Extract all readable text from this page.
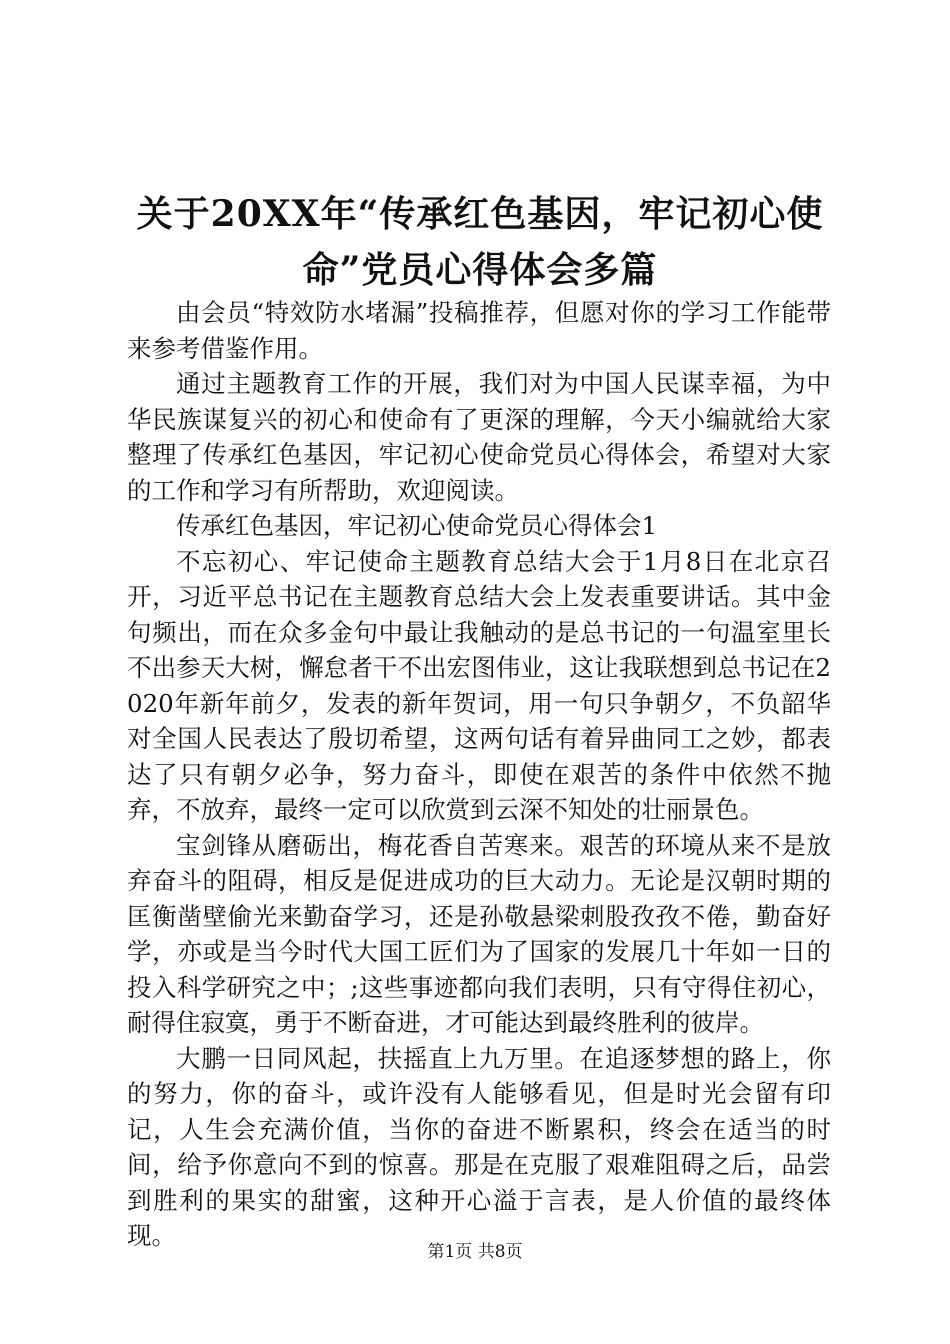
关于20XX年“传承红色基因，牢记初心使
命”党员心得体会多篇

由会员“特效防水堵漏”投稿推荐，但愿对你的学习工作能带来参考借鉴作用。

通过主题教育工作的开展，我们对为中国人民谋幸福，为中华民族谋复兴的初心和使命有了更深的理解，今天小编就给大家整理了传承红色基因，牢记初心使命党员心得体会，希望对大家的工作和学习有所帮助，欢迎阅读。

传承红色基因，牢记初心使命党员心得体会1

不忘初心、牢记使命主题教育总结大会于1月8日在北京召开，习近平总书记在主题教育总结大会上发表重要讲话。其中金句频出，而在众多金句中最让我触动的是总书记的一句温室里长不出参天大树，懈怠者干不出宏图伟业，这让我联想到总书记在2020年新年前夕，发表的新年贺词，用一句只争朝夕，不负韶华对全国人民表达了殷切希望，这两句话有着异曲同工之妙，都表达了只有朝夕必争，努力奋斗，即使在艰苦的条件中依然不抛弃，不放弃，最终一定可以欣赏到云深不知处的壮丽景色。

宝剑锋从磨砺出，梅花香自苦寒来。艰苦的环境从来不是放弃奋斗的阻碍，相反是促进成功的巨大动力。无论是汉朝时期的匡衡凿壁偷光来勤奋学习，还是孙敬悬梁刺股孜孜不倦，勤奋好学，亦或是当今时代大国工匠们为了国家的发展几十年如一日的投入科学研究之中；;这些事迹都向我们表明，只有守得住初心，耐得住寂寞，勇于不断奋进，才可能达到最终胜利的彼岸。

大鹏一日同风起，扶摇直上九万里。在追逐梦想的路上，你的努力，你的奋斗，或许没有人能够看见，但是时光会留有印记，人生会充满价值，当你的奋进不断累积，终会在适当的时间，给予你意向不到的惊喜。那是在克服了艰难阻碍之后，品尝到胜利的果实的甜蜜，这种开心溢于言表，是人价值的最终体现。

第1页 共8页
